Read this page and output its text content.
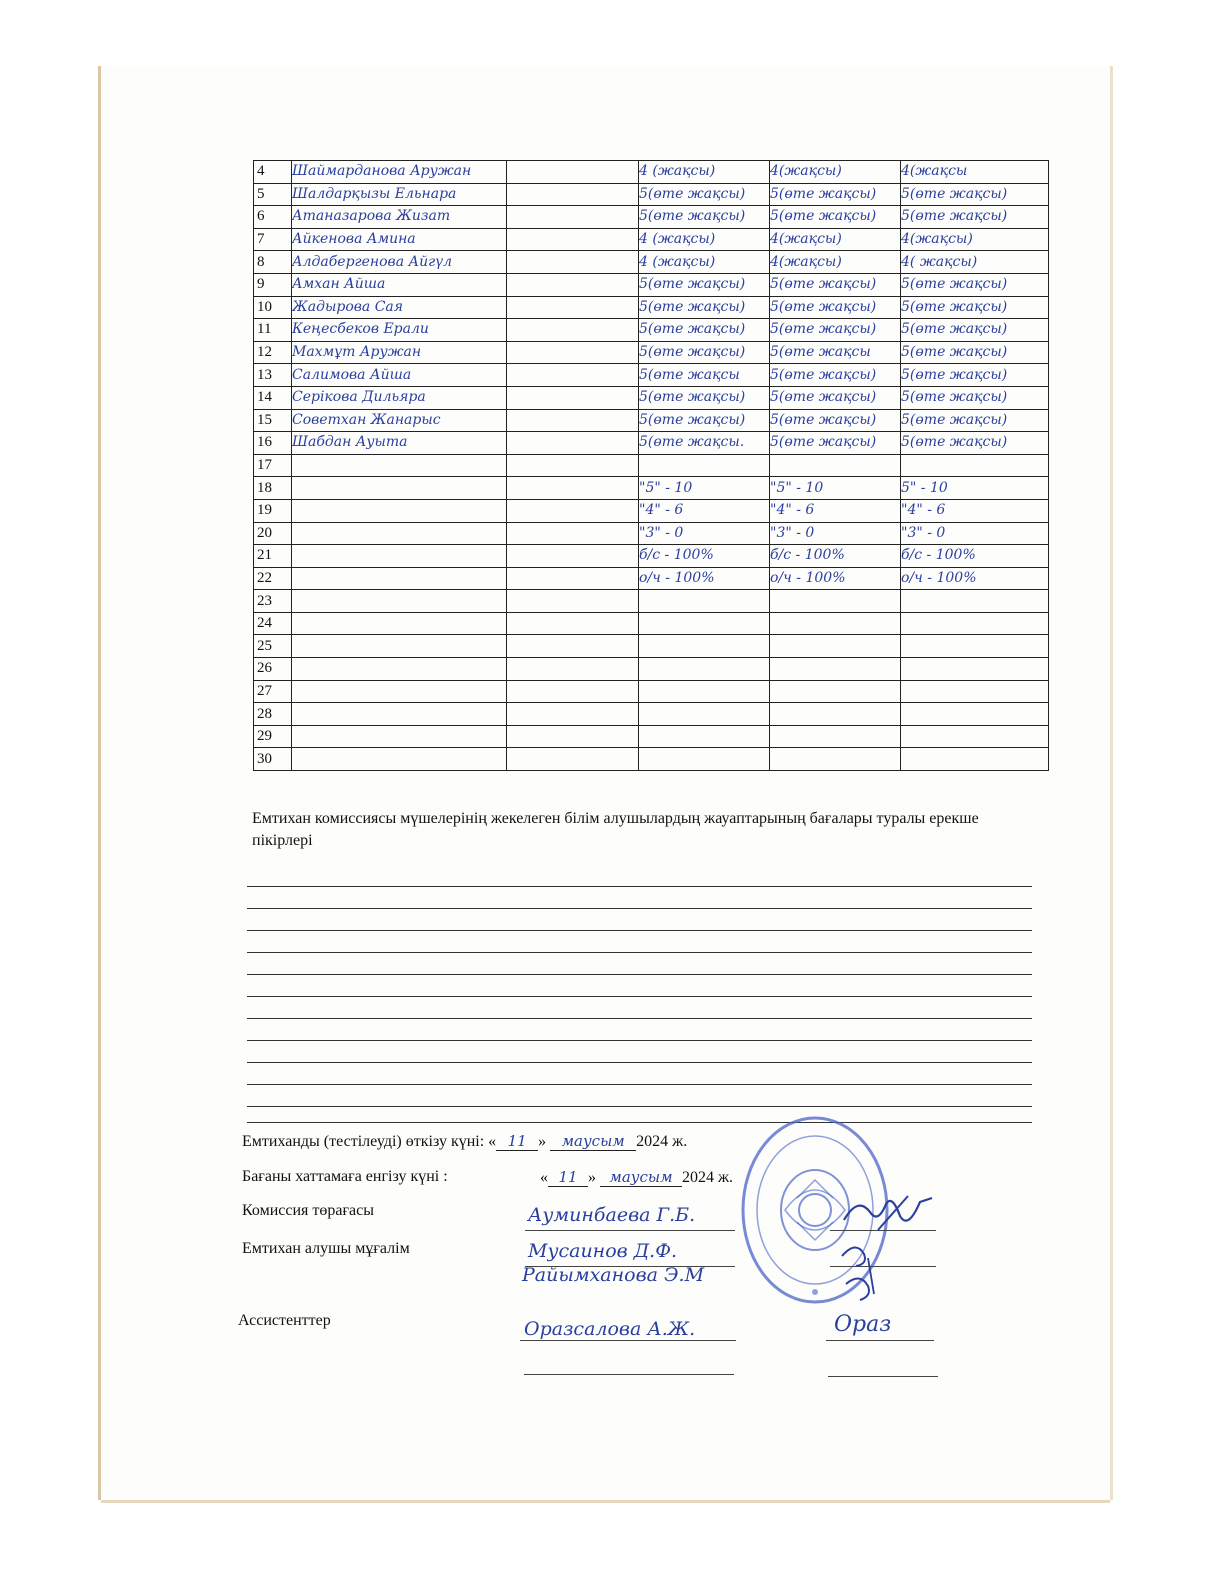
4	Шаймарданова Аружан	4 (жақсы)	4(жақсы)	4(жақсы
5	Шалдарқызы Ельнара	5(өте жақсы)	5(өте жақсы)	5(өте жақсы)
6	Атаназарова Жизат	5(өте жақсы)	5(өте жақсы)	5(өте жақсы)
7	Айкенова Амина	4 (жақсы)	4(жақсы)	4(жақсы)
8	Алдабергенова Айгүл	4 (жақсы)	4(жақсы)	4( жақсы)
9	Амхан Айша	5(өте жақсы)	5(өте жақсы)	5(өте жақсы)
10	Жадырова Сая	5(өте жақсы)	5(өте жақсы)	5(өте жақсы)
11	Кеңесбеков Ерали	5(өте жақсы)	5(өте жақсы)	5(өте жақсы)
12	Махмұт Аружан	5(өте жақсы)	5(өте жақсы	5(өте жақсы)
13	Салимова Айша	5(өте жақсы	5(өте жақсы)	5(өте жақсы)
14	Серікова Дильяра	5(өте жақсы)	5(өте жақсы)	5(өте жақсы)
15	Советхан Жанарыс	5(өте жақсы)	5(өте жақсы)	5(өте жақсы)
16	Шабдан Ауыта	5(өте жақсы.	5(өте жақсы)	5(өте жақсы)
17				
18		"5" - 10	"5" - 10	5" - 10
19		"4" - 6	"4" - 6	"4" - 6
20		"3" - 0	"3" - 0	"3" - 0
21		б/с - 100%	б/с - 100%	б/с - 100%
22		о/ч - 100%	о/ч - 100%	о/ч - 100%
23				
24				
25				
26				
27				
28				
29				
30				
Емтихан комиссиясы мүшелерінің жекелеген білім алушылардың жауаптарының бағалары туралы ерекше пікірлері
Емтиханды (тестілеуді) өткізу күні: « 11 » маусым 2024 ж.
Бағаны хаттамаға енгізу күні :	« 11 » маусым 2024 ж.
Комиссия төрағасы	Ауминбаева Г.Б.
Емтихан алушы мұғалім	Мусаинов Д.Ф.
Райымханова Э.М
Ассистенттер	Оразсалова А.Ж.	Ораз
